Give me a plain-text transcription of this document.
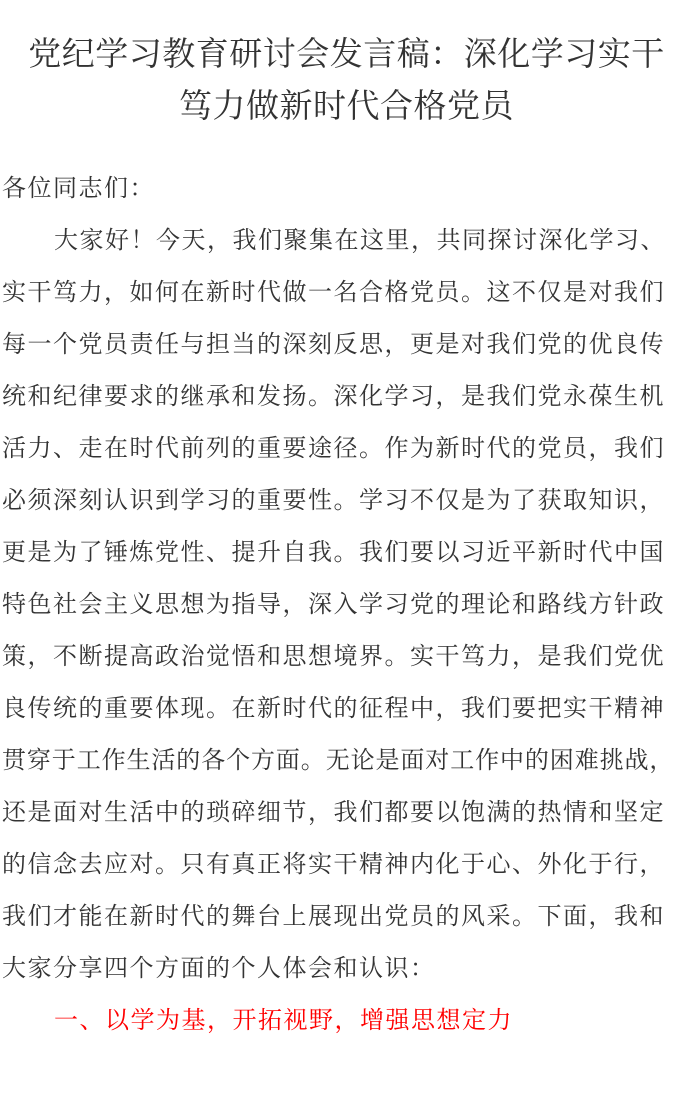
党纪学习教育研讨会发言稿：深化学习实干
笃力做新时代合格党员

各位同志们：

大家好！今天，我们聚集在这里，共同探讨深化学习、
实干笃力，如何在新时代做一名合格党员。这不仅是对我们
每一个党员责任与担当的深刻反思，更是对我们党的优良传
统和纪律要求的继承和发扬。深化学习，是我们党永葆生机
活力、走在时代前列的重要途径。作为新时代的党员，我们
必须深刻认识到学习的重要性。学习不仅是为了获取知识，
更是为了锤炼党性、提升自我。我们要以习近平新时代中国
特色社会主义思想为指导，深入学习党的理论和路线方针政
策，不断提高政治觉悟和思想境界。实干笃力，是我们党优
良传统的重要体现。在新时代的征程中，我们要把实干精神
贯穿于工作生活的各个方面。无论是面对工作中的困难挑战，
还是面对生活中的琐碎细节，我们都要以饱满的热情和坚定
的信念去应对。只有真正将实干精神内化于心、外化于行，
我们才能在新时代的舞台上展现出党员的风采。下面，我和
大家分享四个方面的个人体会和认识：

一、以学为基，开拓视野，增强思想定力
